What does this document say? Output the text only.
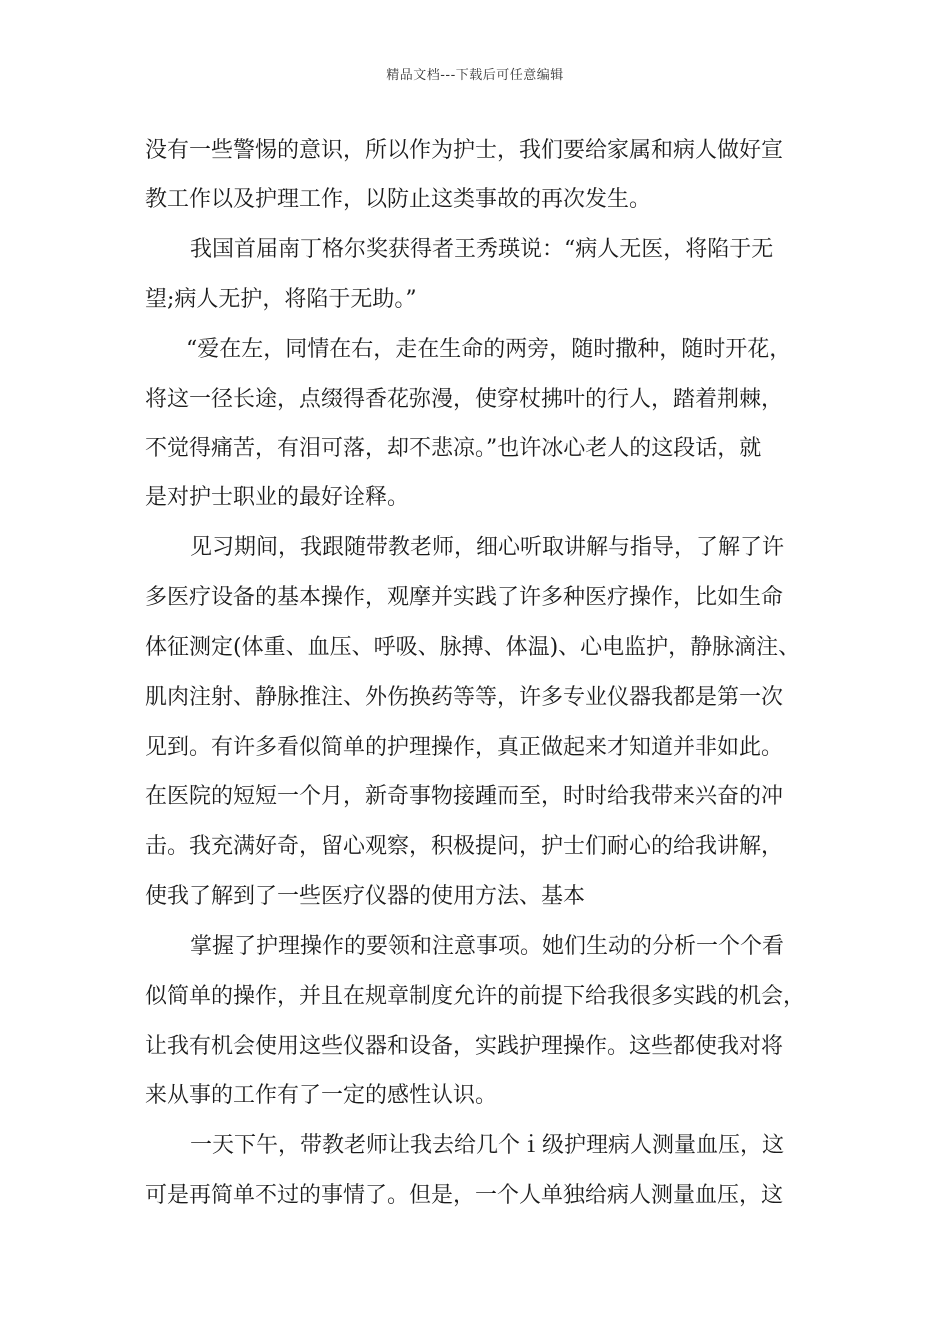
精品文档---下载后可任意编辑
没有一些警惕的意识，所以作为护士，我们要给家属和病人做好宣
教工作以及护理工作，以防止这类事故的再次发生。
我国首届南丁格尔奖获得者王秀瑛说：“病人无医，将陷于无
望;病人无护，将陷于无助。”
“爱在左，同情在右，走在生命的两旁，随时撒种，随时开花，
将这一径长途，点缀得香花弥漫，使穿杖拂叶的行人，踏着荆棘，
不觉得痛苦，有泪可落，却不悲凉。”也许冰心老人的这段话，就
是对护士职业的最好诠释。
见习期间，我跟随带教老师，细心听取讲解与指导，了解了许
多医疗设备的基本操作，观摩并实践了许多种医疗操作，比如生命
体征测定(体重、血压、呼吸、脉搏、体温)、心电监护，静脉滴注、
肌肉注射、静脉推注、外伤换药等等，许多专业仪器我都是第一次
见到。有许多看似简单的护理操作，真正做起来才知道并非如此。
在医院的短短一个月，新奇事物接踵而至，时时给我带来兴奋的冲
击。我充满好奇，留心观察，积极提问，护士们耐心的给我讲解，
使我了解到了一些医疗仪器的使用方法、基本
掌握了护理操作的要领和注意事项。她们生动的分析一个个看
似简单的操作，并且在规章制度允许的前提下给我很多实践的机会，
让我有机会使用这些仪器和设备，实践护理操作。这些都使我对将
来从事的工作有了一定的感性认识。
一天下午，带教老师让我去给几个ｉ级护理病人测量血压，这
可是再简单不过的事情了。但是，一个人单独给病人测量血压，这
